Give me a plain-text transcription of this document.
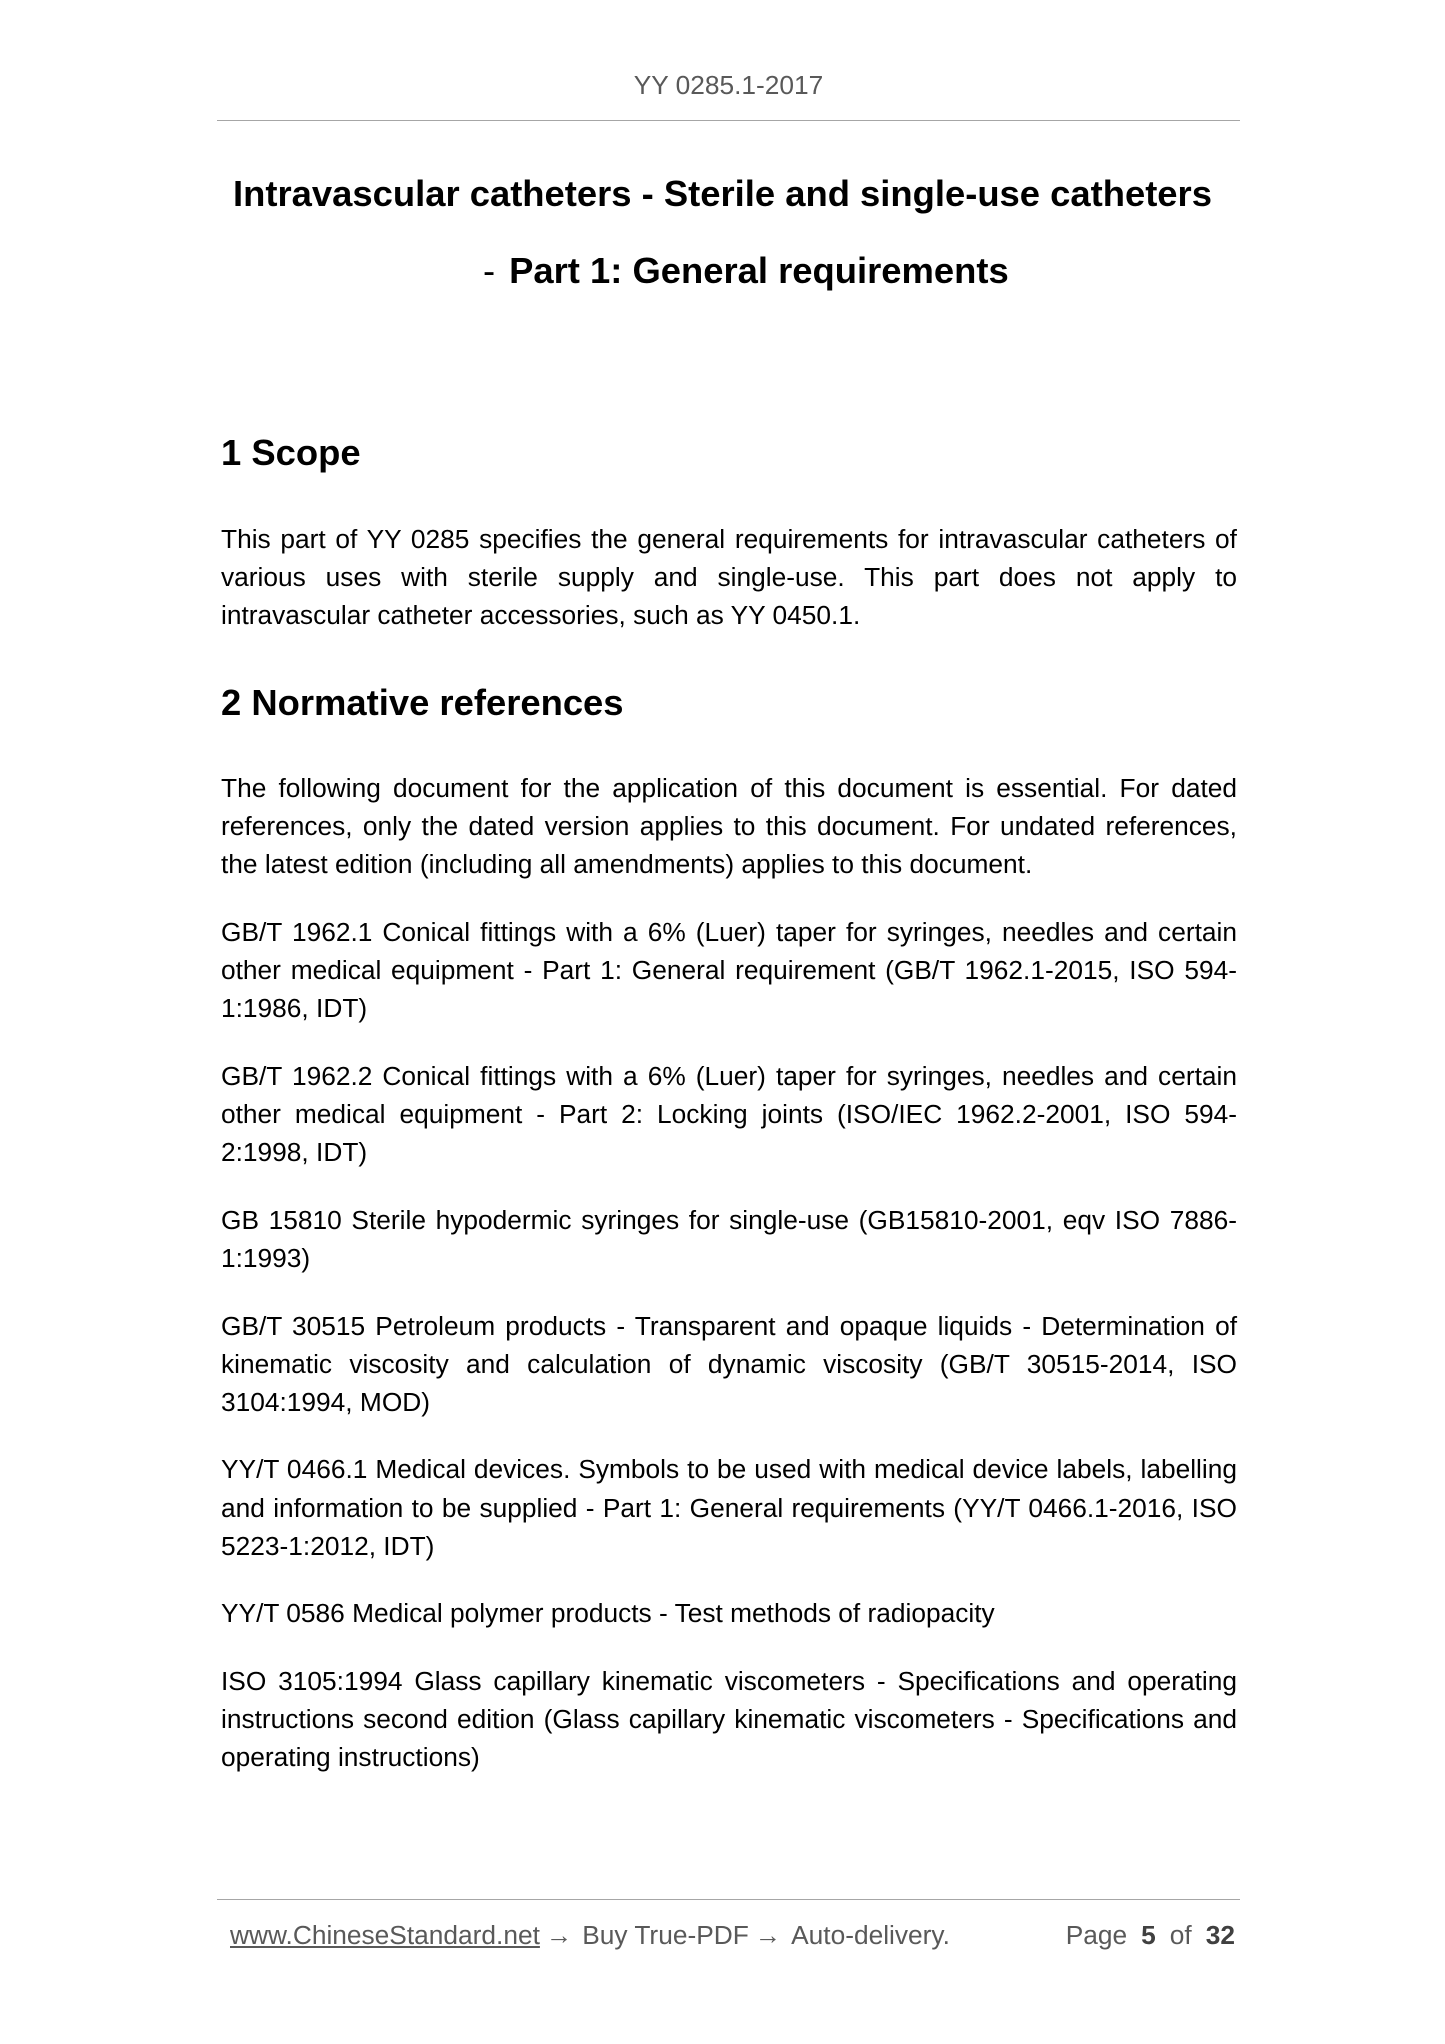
YY 0285.1-2017
Intravascular catheters - Sterile and single-use catheters
- Part 1: General requirements
1 Scope
This part of YY 0285 specifies the general requirements for intravascular catheters of
various uses with sterile supply and single-use. This part does not apply to
intravascular catheter accessories, such as YY 0450.1.
2 Normative references
The following document for the application of this document is essential. For dated
references, only the dated version applies to this document. For undated references,
the latest edition (including all amendments) applies to this document.
GB/T 1962.1 Conical fittings with a 6% (Luer) taper for syringes, needles and certain
other medical equipment - Part 1: General requirement (GB/T 1962.1-2015, ISO 594-
1:1986, IDT)
GB/T 1962.2 Conical fittings with a 6% (Luer) taper for syringes, needles and certain
other medical equipment - Part 2: Locking joints (ISO/IEC 1962.2-2001, ISO 594-
2:1998, IDT)
GB 15810 Sterile hypodermic syringes for single-use (GB15810-2001, eqv ISO 7886-
1:1993)
GB/T 30515 Petroleum products - Transparent and opaque liquids - Determination of
kinematic viscosity and calculation of dynamic viscosity (GB/T 30515-2014, ISO
3104:1994, MOD)
YY/T 0466.1 Medical devices. Symbols to be used with medical device labels, labelling
and information to be supplied - Part 1: General requirements (YY/T 0466.1-2016, ISO
5223-1:2012, IDT)
YY/T 0586 Medical polymer products - Test methods of radiopacity
ISO 3105:1994 Glass capillary kinematic viscometers - Specifications and operating
instructions second edition (Glass capillary kinematic viscometers - Specifications and
operating instructions)
www.ChineseStandard.net → Buy True-PDF → Auto-delivery.	Page 5 of 32
